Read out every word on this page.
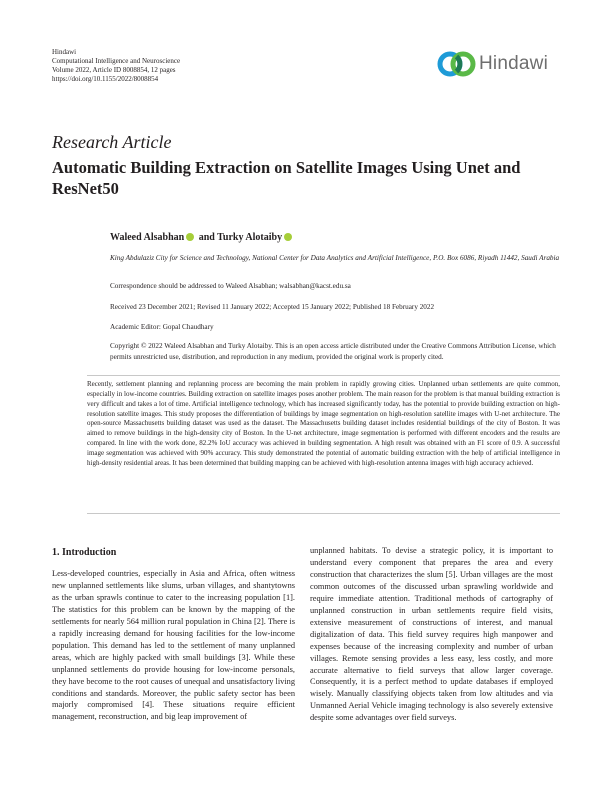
Hindawi
Computational Intelligence and Neuroscience
Volume 2022, Article ID 8008854, 12 pages
https://doi.org/10.1155/2022/8008854
Hindawi
Research Article
Automatic Building Extraction on Satellite Images Using Unet and ResNet50
Waleed Alsabhan and Turky Alotaiby
King Abdulaziz City for Science and Technology, National Center for Data Analytics and Artificial Intelligence, P.O. Box 6086, Riyadh 11442, Saudi Arabia
Correspondence should be addressed to Waleed Alsabhan; walsabhan@kacst.edu.sa
Received 23 December 2021; Revised 11 January 2022; Accepted 15 January 2022; Published 18 February 2022
Academic Editor: Gopal Chaudhary
Copyright © 2022 Waleed Alsabhan and Turky Alotaiby. This is an open access article distributed under the Creative Commons Attribution License, which permits unrestricted use, distribution, and reproduction in any medium, provided the original work is properly cited.
Recently, settlement planning and replanning process are becoming the main problem in rapidly growing cities. Unplanned urban settlements are quite common, especially in low-income countries. Building extraction on satellite images poses another problem. The main reason for the problem is that manual building extraction is very difficult and takes a lot of time. Artificial intelligence technology, which has increased significantly today, has the potential to provide building extraction on high-resolution satellite images. This study proposes the differentiation of buildings by image segmentation on high-resolution satellite images with U-net architecture. The open-source Massachusetts building dataset was used as the dataset. The Massachusetts building dataset includes residential buildings of the city of Boston. It was aimed to remove buildings in the high-density city of Boston. In the U-net architecture, image segmentation is performed with different encoders and the results are compared. In line with the work done, 82.2% IoU accuracy was achieved in building segmentation. A high result was obtained with an F1 score of 0.9. A successful image segmentation was achieved with 90% accuracy. This study demonstrated the potential of automatic building extraction with the help of artificial intelligence in high-density residential areas. It has been determined that building mapping can be achieved with high-resolution antenna images with high accuracy achieved.
1. Introduction

Less-developed countries, especially in Asia and Africa, often witness new unplanned settlements like slums, urban villages, and shantytowns as the urban sprawls continue to cater to the increasing population [1]. The statistics for this problem can be known by the mapping of the settlements for nearly 564 million rural population in China [2]. There is a rapidly increasing demand for housing facilities for the low-income population. This demand has led to the settlement of many unplanned areas, which are highly packed with small buildings [3]. While these unplanned settlements do provide housing for low-income personals, they have become to the root causes of unequal and unsatisfactory living conditions and standards. Moreover, the public safety sector has been majorly compromised [4]. These situations require efficient management, reconstruction, and big leap improvement of

unplanned habitats. To devise a strategic policy, it is important to understand every component that prepares the area and every construction that characterizes the slum [5]. Urban villages are the most common outcomes of the discussed urban sprawling worldwide and require immediate attention. Traditional methods of cartography of unplanned construction in urban settlements require field visits, extensive measurement of constructions of interest, and manual digitalization of data. This field survey requires high manpower and expenses because of the increasing complexity and number of urban villages. Remote sensing provides a less easy, less costly, and more accurate alternative to field surveys that allow larger coverage. Consequently, it is a perfect method to update databases if employed wisely. Manually classifying objects taken from low altitudes and via Unmanned Aerial Vehicle imaging technology is also severely extensive despite some advantages over field surveys.
